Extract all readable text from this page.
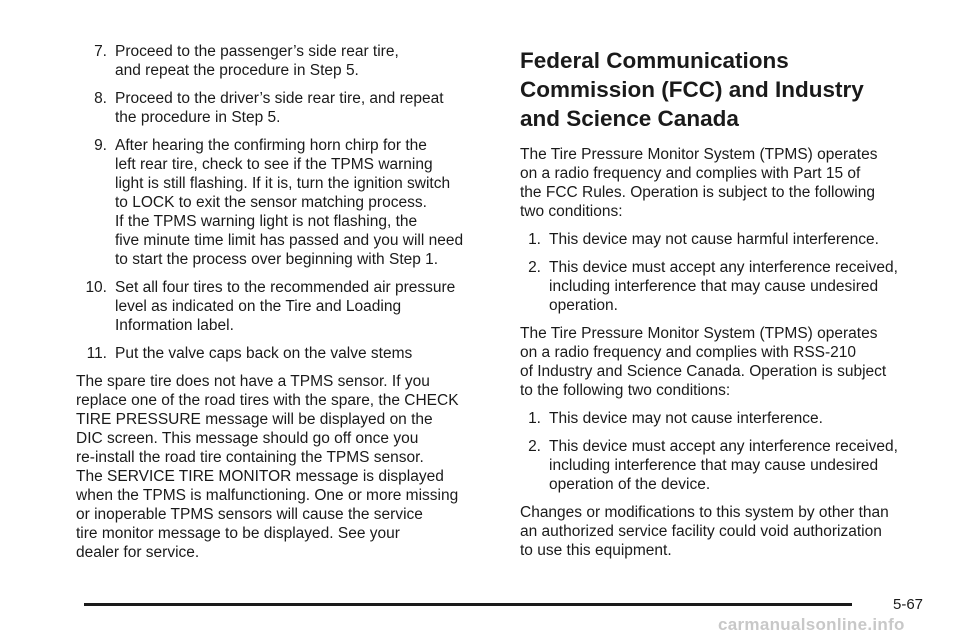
7. Proceed to the passenger’s side rear tire,
and repeat the procedure in Step 5.
8. Proceed to the driver’s side rear tire, and repeat
the procedure in Step 5.
9. After hearing the confirming horn chirp for the
left rear tire, check to see if the TPMS warning
light is still flashing. If it is, turn the ignition switch
to LOCK to exit the sensor matching process.
If the TPMS warning light is not flashing, the
five minute time limit has passed and you will need
to start the process over beginning with Step 1.
10. Set all four tires to the recommended air pressure
level as indicated on the Tire and Loading
Information label.
11. Put the valve caps back on the valve stems

The spare tire does not have a TPMS sensor. If you
replace one of the road tires with the spare, the CHECK
TIRE PRESSURE message will be displayed on the
DIC screen. This message should go off once you
re-install the road tire containing the TPMS sensor.
The SERVICE TIRE MONITOR message is displayed
when the TPMS is malfunctioning. One or more missing
or inoperable TPMS sensors will cause the service
tire monitor message to be displayed. See your
dealer for service.

Federal Communications
Commission (FCC) and Industry
and Science Canada

The Tire Pressure Monitor System (TPMS) operates
on a radio frequency and complies with Part 15 of
the FCC Rules. Operation is subject to the following
two conditions:

1. This device may not cause harmful interference.
2. This device must accept any interference received,
including interference that may cause undesired
operation.

The Tire Pressure Monitor System (TPMS) operates
on a radio frequency and complies with RSS-210
of Industry and Science Canada. Operation is subject
to the following two conditions:

1. This device may not cause interference.
2. This device must accept any interference received,
including interference that may cause undesired
operation of the device.

Changes or modifications to this system by other than
an authorized service facility could void authorization
to use this equipment.

5-67
carmanualsonline.info
